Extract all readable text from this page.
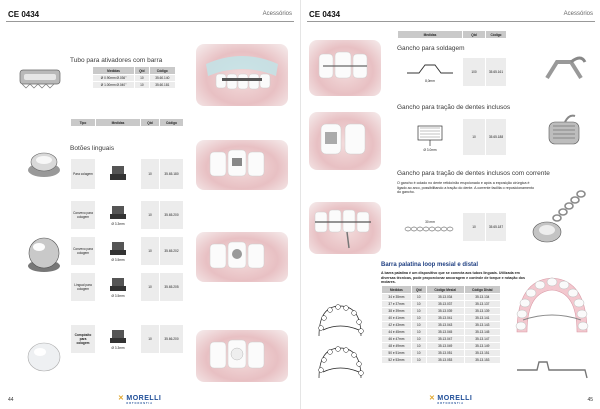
CE 0434	Acessórios
Tubo para ativadores com barra
Medidas	Qtd	Código
Ø 0.90mm Ø.036"	10	35.60.140
Ø 1.00mm Ø.040"	10	35.60.181
Tipo	Medidas	Qtd	Código
Botões linguais
Para colagem		10	35.65.180

Convexo para colagem	Ø 3.3mm	10	35.65.200

Convexo para colagem	Ø 3.5mm	10	35.65.202

Lingual para colagem	Ø 3.5mm	10	35.65.205

Compósito para colagem	Ø 3.3mm	10	35.66.200
44	✕ MORELLI
ORTODONTIA
CE 0434	Acessórios
Medidas	Qtd	Código
Gancho para soldagem
8,0mm	100	35.65.161
Gancho para tração de dentes inclusos
Ø 3.0mm	10	35.65.188
Gancho para tração de dentes inclusos com corrente
O gancho é colado no dente retido/não erupcionado e após a exposição cirúrgica é ligado ao arco, possibilitando a tração do dente. A corrente facilita o reposicionamento do gancho.
30 mm
	10	35.65.187
Barra palatina loop mesial e distal
A barra palatina é um dispositivo que se conecta aos tubos linguais. Utilizada em diversas técnicas, pode proporcionar ancoragem e controle de torque e rotação dos molares.
Medidas	Qtd	Código Mesial	Código Distal
34 e 35mm	10	35.13.034	35.13.134
37 e 37mm	10	35.13.037	35.13.137
38 e 39mm	10	35.13.039	35.13.139
40 e 41mm	10	35.13.041	35.13.141
42 e 43mm	10	35.13.043	35.13.143
44 e 45mm	10	35.13.045	35.13.145
46 e 47mm	10	35.13.047	35.13.147
48 e 49mm	10	35.13.049	35.13.149
50 e 51mm	10	35.13.051	35.13.151
52 e 53mm	10	35.13.053	35.13.153
45
✕ MORELLI
ORTODONTIA
